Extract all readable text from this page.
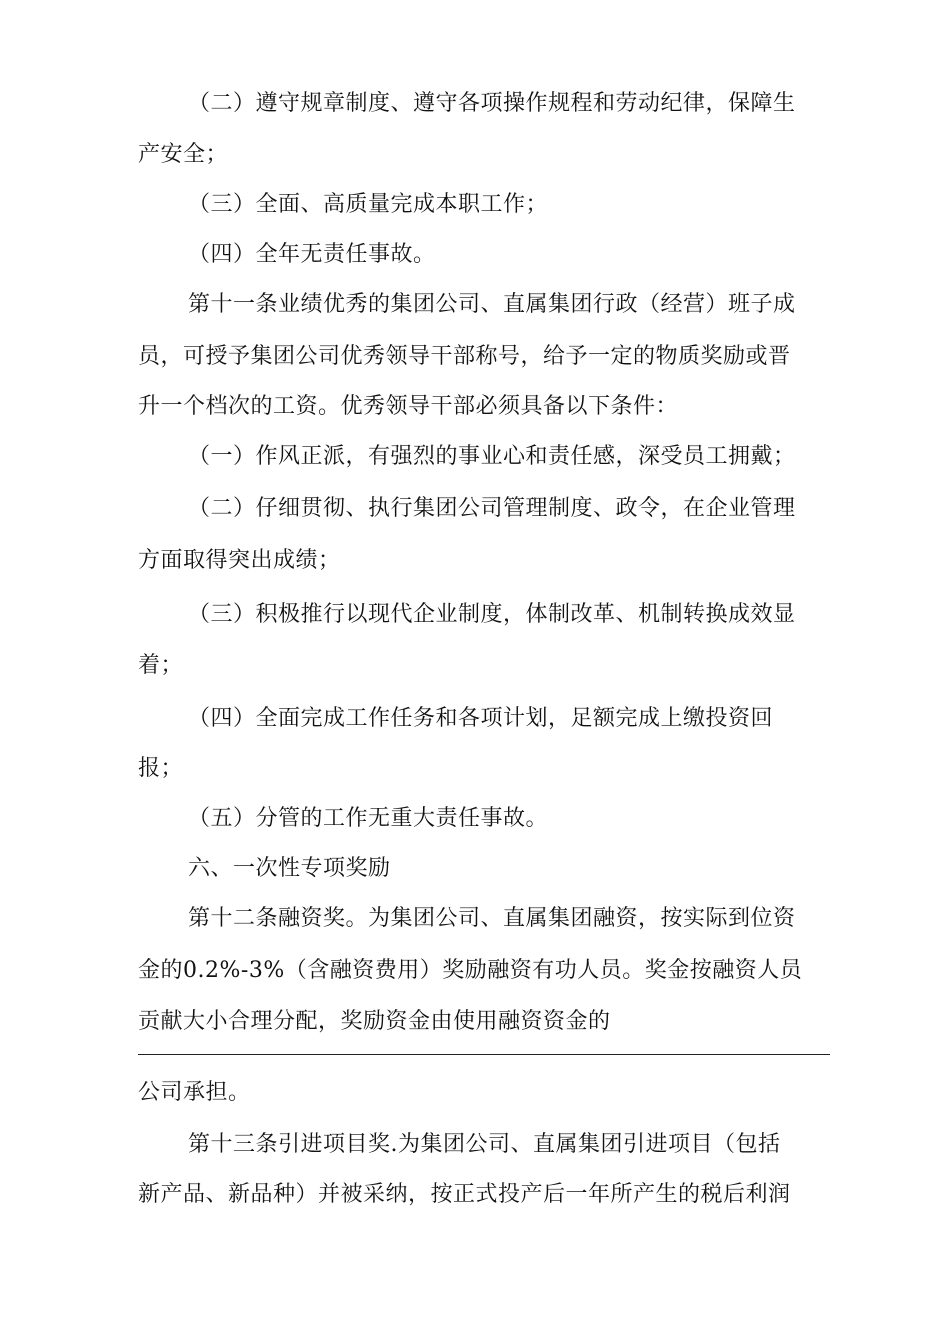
（二）遵守规章制度、遵守各项操作规程和劳动纪律，保障生
产安全；
（三）全面、高质量完成本职工作；
（四）全年无责任事故。
第十一条业绩优秀的集团公司、直属集团行政（经营）班子成
员，可授予集团公司优秀领导干部称号，给予一定的物质奖励或晋
升一个档次的工资。优秀领导干部必须具备以下条件：
（一）作风正派，有强烈的事业心和责任感，深受员工拥戴；
（二）仔细贯彻、执行集团公司管理制度、政令，在企业管理
方面取得突出成绩；
（三）积极推行以现代企业制度，体制改革、机制转换成效显
着；
（四）全面完成工作任务和各项计划，足额完成上缴投资回
报；
（五）分管的工作无重大责任事故。
六、一次性专项奖励
第十二条融资奖。为集团公司、直属集团融资，按实际到位资
金的0.2%-3%（含融资费用）奖励融资有功人员。奖金按融资人员
贡献大小合理分配，奖励资金由使用融资资金的
公司承担。
第十三条引进项目奖.为集团公司、直属集团引进项目（包括
新产品、新品种）并被采纳，按正式投产后一年所产生的税后利润
